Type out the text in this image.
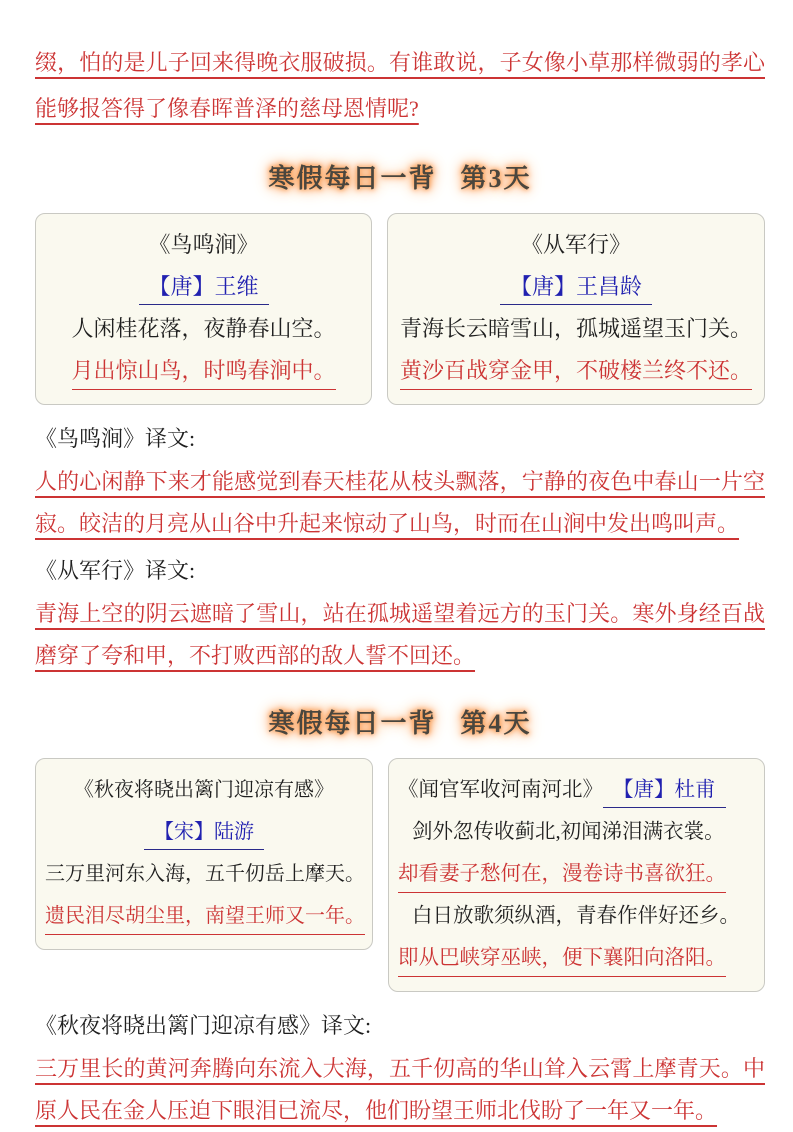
缀，怕的是儿子回来得晚衣服破损。有谁敢说，子女像小草那样微弱的孝心能够报答得了像春晖普泽的慈母恩情呢?

寒假每日一背 第3天
《鸟鸣涧》
【唐】王维
人闲桂花落，夜静春山空。
月出惊山鸟，时鸣春涧中。
《从军行》
【唐】王昌龄
青海长云暗雪山，孤城遥望玉门关。
黄沙百战穿金甲，不破楼兰终不还。
《鸟鸣涧》译文:

人的心闲静下来才能感觉到春天桂花从枝头飘落，宁静的夜色中春山一片空寂。皎洁的月亮从山谷中升起来惊动了山鸟，时而在山涧中发出鸣叫声。

《从军行》译文:

青海上空的阴云遮暗了雪山，站在孤城遥望着远方的玉门关。寒外身经百战磨穿了夸和甲，不打败西部的敌人誓不回还。

寒假每日一背 第4天
《秋夜将晓出篱门迎凉有感》
【宋】陆游
三万里河东入海，五千仞岳上摩天。
遗民泪尽胡尘里，南望王师又一年。
《闻官军收河南河北》 【唐】杜甫
剑外忽传收蓟北,初闻涕泪满衣裳。
却看妻子愁何在，漫卷诗书喜欲狂。
白日放歌须纵酒，青春作伴好还乡。
即从巴峡穿巫峡，便下襄阳向洛阳。
《秋夜将晓出篱门迎凉有感》译文:

三万里长的黄河奔腾向东流入大海，五千仞高的华山耸入云霄上摩青天。中原人民在金人压迫下眼泪已流尽，他们盼望王师北伐盼了一年又一年。
